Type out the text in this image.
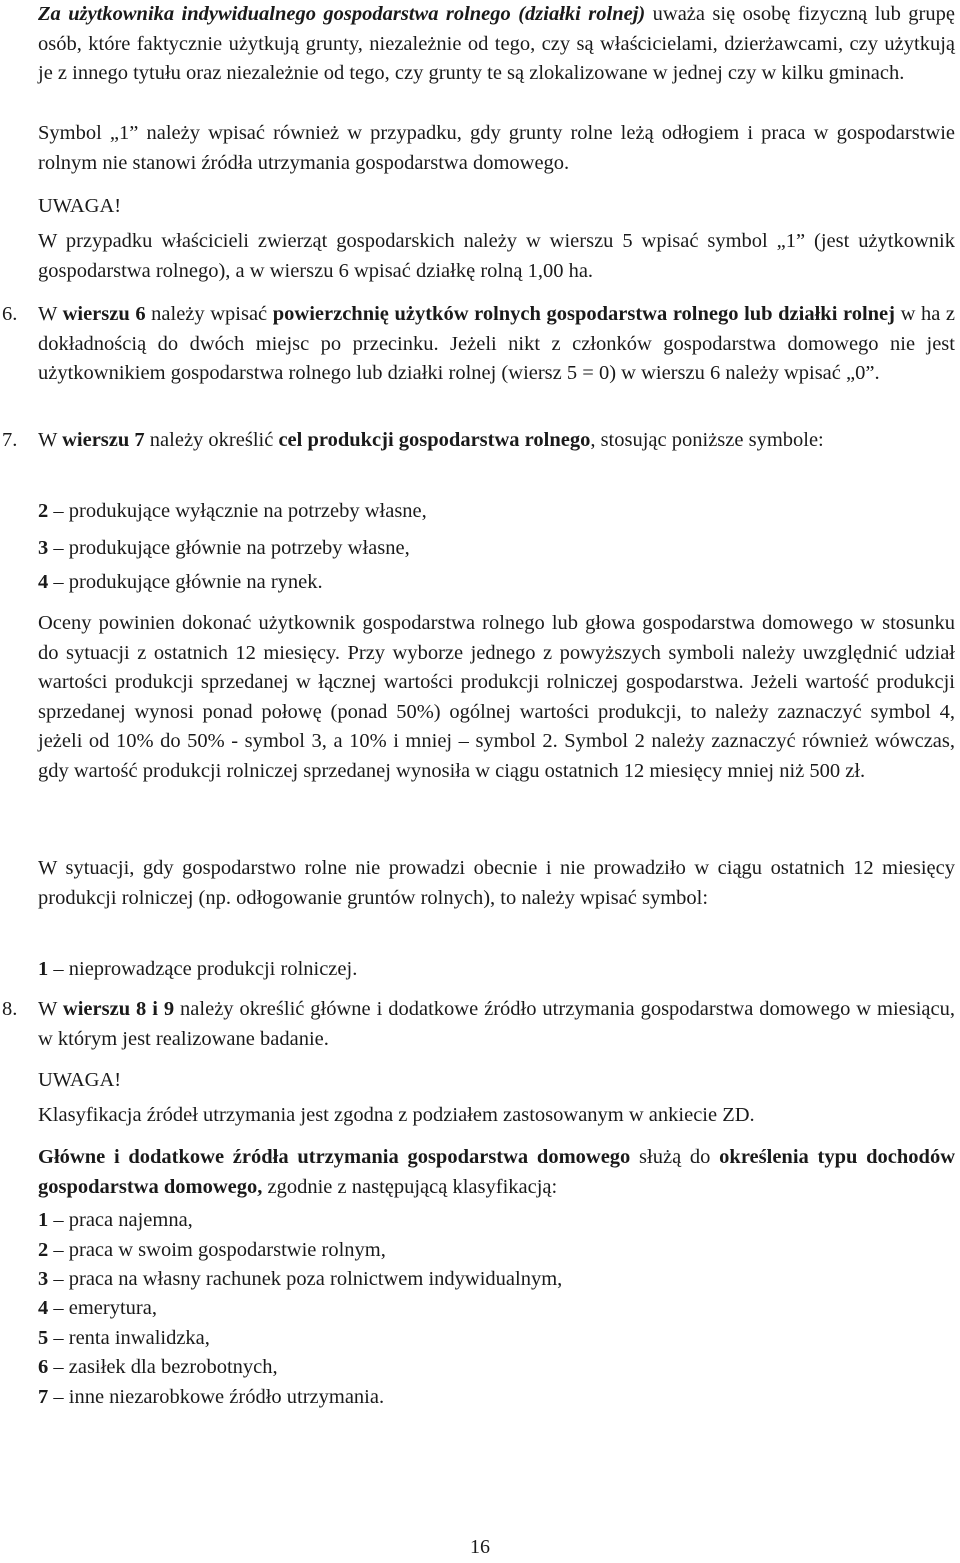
Za użytkownika indywidualnego gospodarstwa rolnego (działki rolnej) uważa się osobę fizyczną lub grupę osób, które faktycznie użytkują grunty, niezależnie od tego, czy są właścicielami, dzierżawcami, czy użytkują je z innego tytułu oraz niezależnie od tego, czy grunty te są zlokalizowane w jednej czy w kilku gminach.

Symbol „1” należy wpisać również w przypadku, gdy grunty rolne leżą odłogiem i praca w gospodarstwie rolnym nie stanowi źródła utrzymania gospodarstwa domowego.

UWAGA!

W przypadku właścicieli zwierząt gospodarskich należy w wierszu 5 wpisać symbol „1” (jest użytkownik gospodarstwa rolnego), a w wierszu 6 wpisać działkę rolną 1,00 ha.

6.	W wierszu 6 należy wpisać powierzchnię użytków rolnych gospodarstwa rolnego lub działki rolnej w ha z dokładnością do dwóch miejsc po przecinku. Jeżeli nikt z członków gospodarstwa domowego nie jest użytkownikiem gospodarstwa rolnego lub działki rolnej (wiersz 5 = 0) w wierszu 6 należy wpisać „0”.

7.	W wierszu 7 należy określić cel produkcji gospodarstwa rolnego, stosując poniższe symbole:

2 – produkujące wyłącznie na potrzeby własne,
3 – produkujące głównie na potrzeby własne,
4 – produkujące głównie na rynek.

Oceny powinien dokonać użytkownik gospodarstwa rolnego lub głowa gospodarstwa domowego w stosunku do sytuacji z ostatnich 12 miesięcy. Przy wyborze jednego z powyższych symboli należy uwzględnić udział wartości produkcji sprzedanej w łącznej wartości produkcji rolniczej gospodarstwa. Jeżeli wartość produkcji sprzedanej wynosi ponad połowę (ponad 50%) ogólnej wartości produkcji, to należy zaznaczyć symbol 4, jeżeli od 10% do 50% - symbol 3, a 10% i mniej – symbol 2. Symbol 2 należy zaznaczyć również wówczas, gdy wartość produkcji rolniczej sprzedanej wynosiła w ciągu ostatnich 12 miesięcy mniej niż 500 zł.

W sytuacji, gdy gospodarstwo rolne nie prowadzi obecnie i nie prowadziło w ciągu ostatnich 12 miesięcy produkcji rolniczej (np. odłogowanie gruntów rolnych), to należy wpisać symbol:

1 – nieprowadzące produkcji rolniczej.
8.	W wierszu 8 i 9 należy określić główne i dodatkowe źródło utrzymania gospodarstwa domowego w miesiącu, w którym jest realizowane badanie.

UWAGA!

Klasyfikacja źródeł utrzymania jest zgodna z podziałem zastosowanym w ankiecie ZD.

Główne i dodatkowe źródła utrzymania gospodarstwa domowego służą do określenia typu dochodów gospodarstwa domowego, zgodnie z następującą klasyfikacją:

1 – praca najemna,
2 – praca w swoim gospodarstwie rolnym,
3 – praca na własny rachunek poza rolnictwem indywidualnym,
4 – emerytura,
5 – renta inwalidzka,
6 – zasiłek dla bezrobotnych,
7 – inne niezarobkowe źródło utrzymania.
16
